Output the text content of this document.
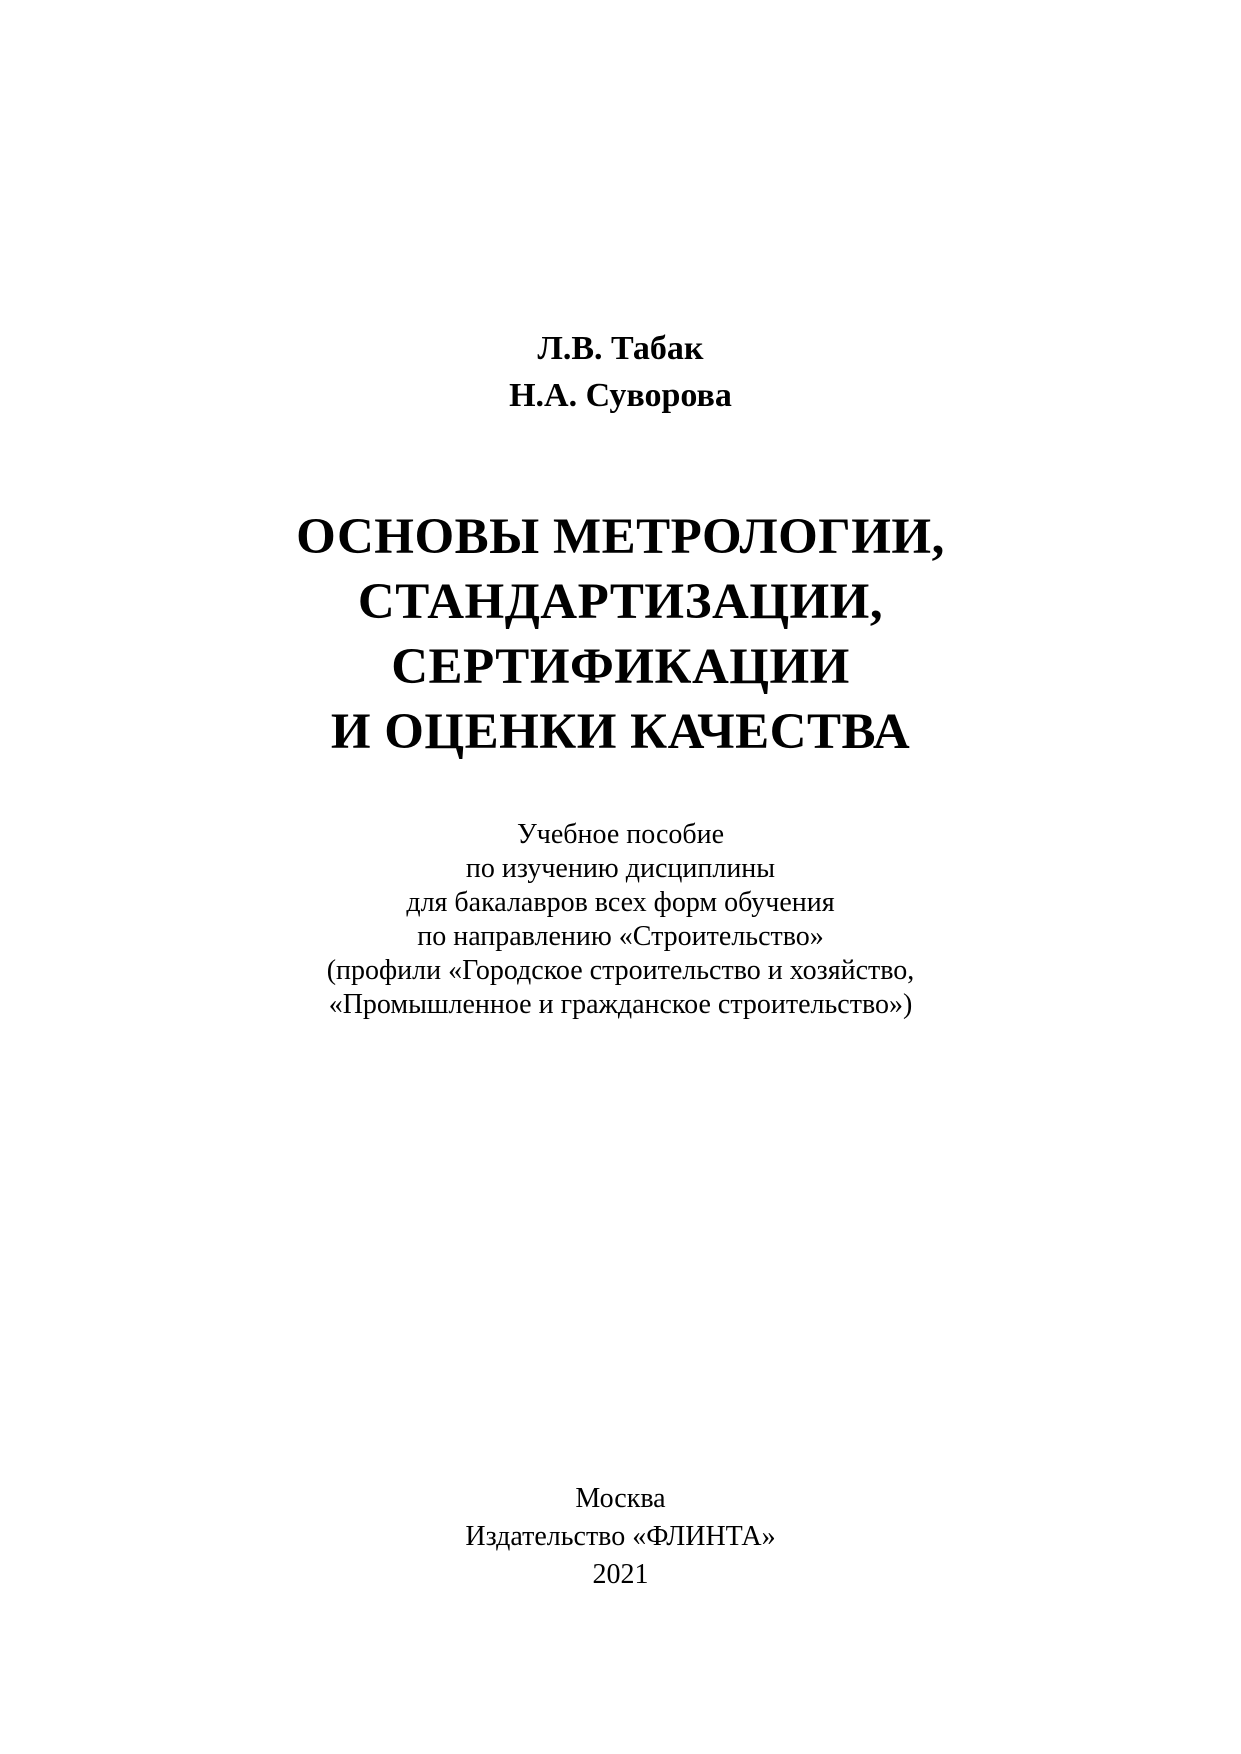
Л.В. Табак
Н.А. Суворова
ОСНОВЫ МЕТРОЛОГИИ,
СТАНДАРТИЗАЦИИ,
СЕРТИФИКАЦИИ
И ОЦЕНКИ КАЧЕСТВА
Учебное пособие
по изучению дисциплины
для бакалавров всех форм обучения
по направлению «Строительство»
(профили «Городское строительство и хозяйство,
«Промышленное и гражданское строительство»)
Москва
Издательство «ФЛИНТА»
2021
